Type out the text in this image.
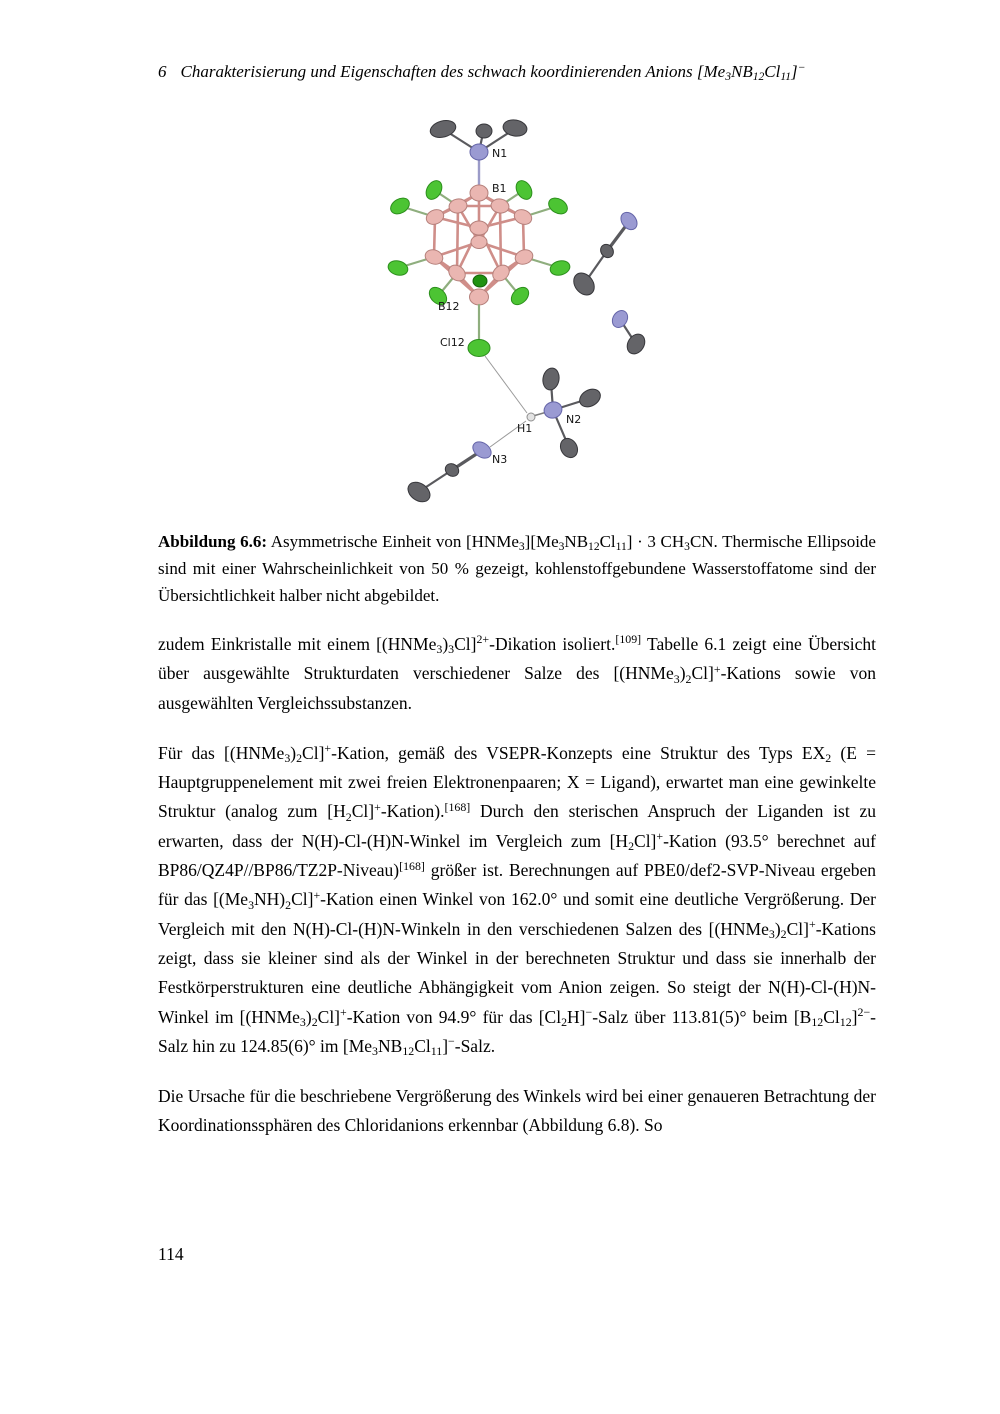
6 Charakterisierung und Eigenschaften des schwach koordinierenden Anions $[Me_3NB_{12}Cl_{11}]^-$
N1
B1
B12
Cl12
H1
N2
N3
Abbildung 6.6: Asymmetrische Einheit von $[HNMe_3][Me_3NB_{12}Cl_{11}] \cdot 3$ $CH_3CN$. Thermische Ellipsoide sind mit einer Wahrscheinlichkeit von 50 % gezeigt, kohlenstoffgebundene Wasserstoffatome sind der Übersichtlichkeit halber nicht abgebildet.

zudem Einkristalle mit einem $[(HNMe_3)_3Cl]^{2+}$-Dikation isoliert.[109] Tabelle 6.1 zeigt eine Übersicht über ausgewählte Strukturdaten verschiedener Salze des $[(HNMe_3)_2Cl]^+$-Kations sowie von ausgewählten Vergleichssubstanzen.

Für das $[(HNMe_3)_2Cl]^+$-Kation, gemäß des VSEPR-Konzepts eine Struktur des Typs $EX_2$ (E = Hauptgruppenelement mit zwei freien Elektronenpaaren; X = Ligand), erwartet man eine gewinkelte Struktur (analog zum $[H_2Cl]^+-Kation).[168]$ Durch den sterischen Anspruch der Liganden ist zu erwarten, dass der N(H)-Cl-(H)N-Winkel im Vergleich zum $[H_2Cl]^+$-Kation (93.5° berechnet auf BP86/QZ4P//BP86/TZ2P-Niveau)[168] größer ist. Berechnungen auf PBE0/def2-SVP-Niveau ergeben für das $[(Me_3NH)_2Cl]^+$-Kation einen Winkel von 162.0° und somit eine deutliche Vergrößerung. Der Vergleich mit den N(H)-Cl-(H)N-Winkeln in den verschiedenen Salzen des $[(HNMe_3)_2Cl]^+$-Kations zeigt, dass sie kleiner sind als der Winkel in der berechneten Struktur und dass sie innerhalb der Festkörperstrukturen eine deutliche Abhängigkeit vom Anion zeigen. So steigt der N(H)-Cl-(H)N-Winkel im $[(HNMe_3)_2Cl]^+$-Kation von 94.9° für das $[Cl_2H]^-$-Salz über 113.81(5)° beim $[B_{12}Cl_{12}]^{2-}$-Salz hin zu 124.85(6)° im $[Me_3NB_{12}Cl_{11}]^-$-Salz.

Die Ursache für die beschriebene Vergrößerung des Winkels wird bei einer genaueren Betrachtung der Koordinationssphären des Chloridanions erkennbar (Abbildung 6.8). So

114
